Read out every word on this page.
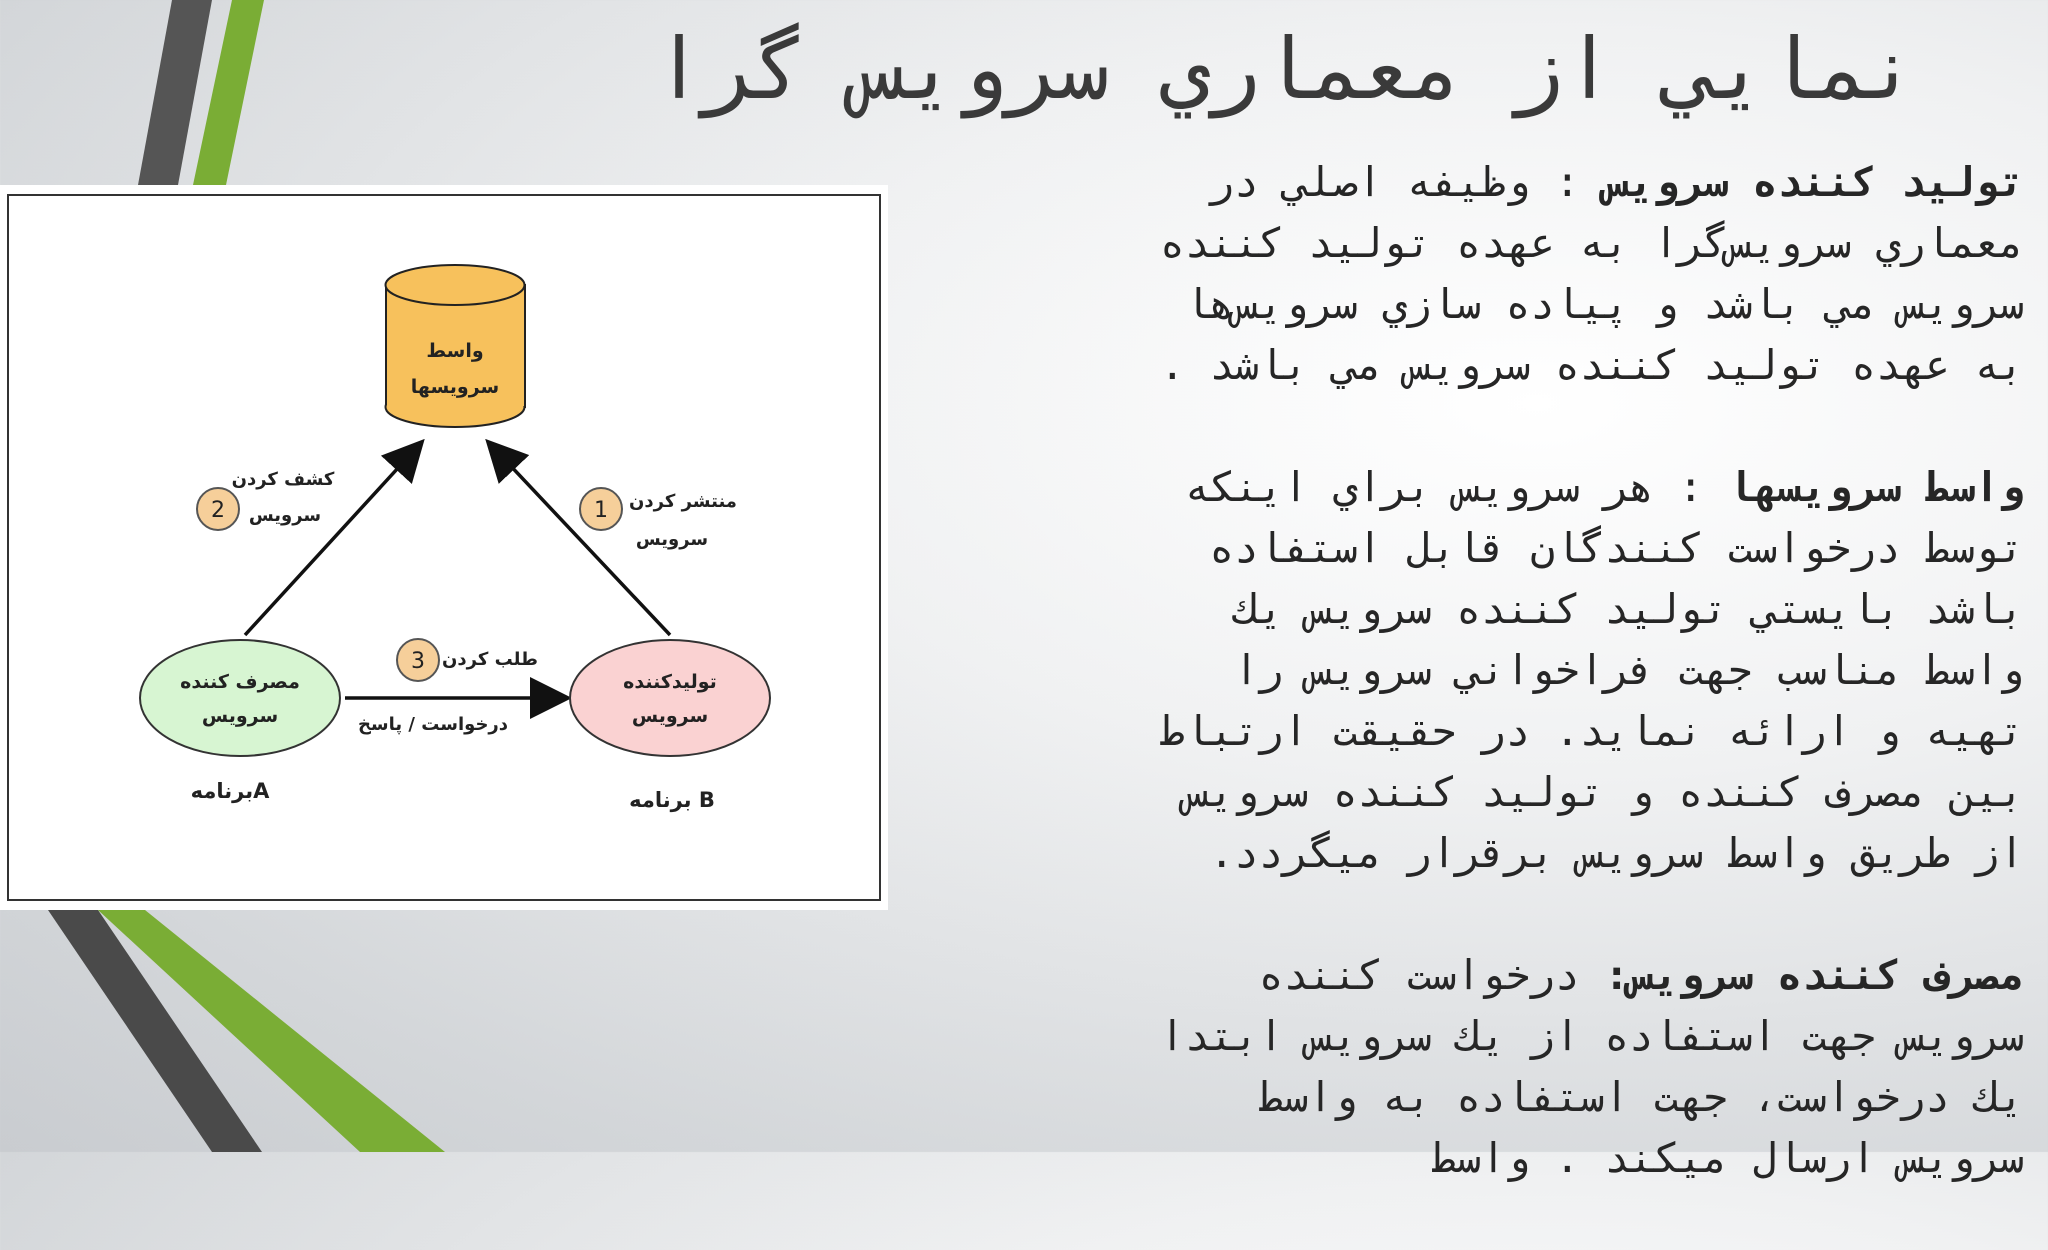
نمايي از معماري سرويس گرا
واسط
سرويسها
مصرف كننده
سرويس
برنامهA
توليدكننده
سرويس
برنامه B
2
كشف كردن
سرويس	1 منتشر كردن
سرويس
3 طلب كردن
درخواست / پاسخ

توليد كننده سرويس : وظيفه اصلي در
معماري سرويس‌گرا به عهده توليد كننده
سرويس مي باشد و پياده سازي سرويس‌ها
به عهده توليد كننده سرويس مي باشد .

واسط سرويسها : هر سرويس براي اينكه
توسط درخواست كنندگان قابل استفاده
باشد بايستي توليد كننده سرويس يك
واسط مناسب جهت فراخواني سرويس را
تهيه و ارائه نمايد. در حقيقت ارتباط
بين مصرف كننده و توليد كننده سرويس
از طريق واسط سرويس برقرار ميگردد.

مصرف كننده سرويس: درخواست كننده
سرويس جهت استفاده از يك سرويس ابتدا
يك درخواست، جهت استفاده به واسط
سرويس ارسال ميكند . واسط
